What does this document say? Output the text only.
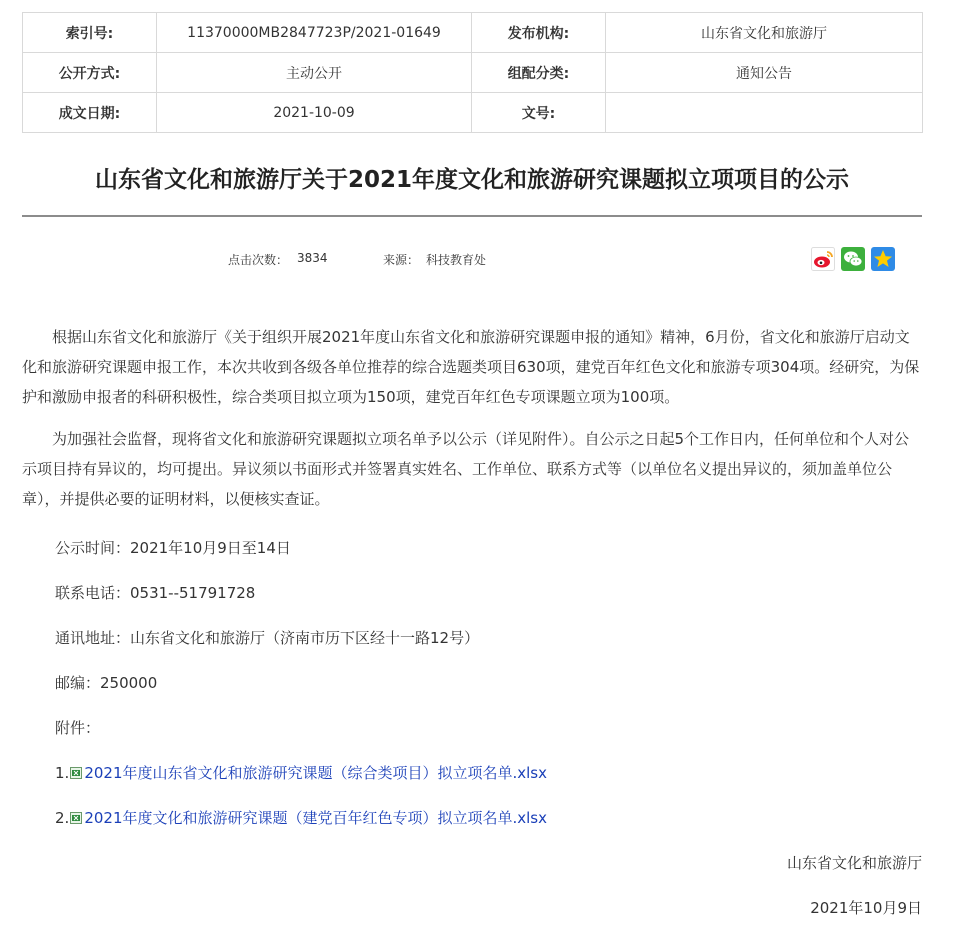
索引号:	11370000MB2847723P/2021-01649	发布机构:	山东省文化和旅游厅
公开方式:	主动公开	组配分类:	通知公告
成文日期:	2021-10-09	文号:	
山东省文化和旅游厅关于2021年度文化和旅游研究课题拟立项项目的公示
点击次数： 3834	来源： 科技教育处

根据山东省文化和旅游厅《关于组织开展2021年度山东省文化和旅游研究课题申报的通知》精神，6月份，省文化和旅游厅启动文化和旅游研究课题申报工作，本次共收到各级各单位推荐的综合选题类项目630项，建党百年红色文化和旅游专项304项。经研究，为保护和激励申报者的科研积极性，综合类项目拟立项为150项，建党百年红色专项课题立项为100项。

为加强社会监督，现将省文化和旅游研究课题拟立项名单予以公示（详见附件）。自公示之日起5个工作日内，任何单位和个人对公示项目持有异议的，均可提出。异议须以书面形式并签署真实姓名、工作单位、联系方式等（以单位名义提出异议的，须加盖单位公章），并提供必要的证明材料，以便核实查证。

公示时间：2021年10月9日至14日
联系电话：0531--51791728
通讯地址：山东省文化和旅游厅（济南市历下区经十一路12号）
邮编：250000
附件：
1. 2021年度山东省文化和旅游研究课题（综合类项目）拟立项名单.xlsx
2. 2021年度文化和旅游研究课题（建党百年红色专项）拟立项名单.xlsx
山东省文化和旅游厅
2021年10月9日
